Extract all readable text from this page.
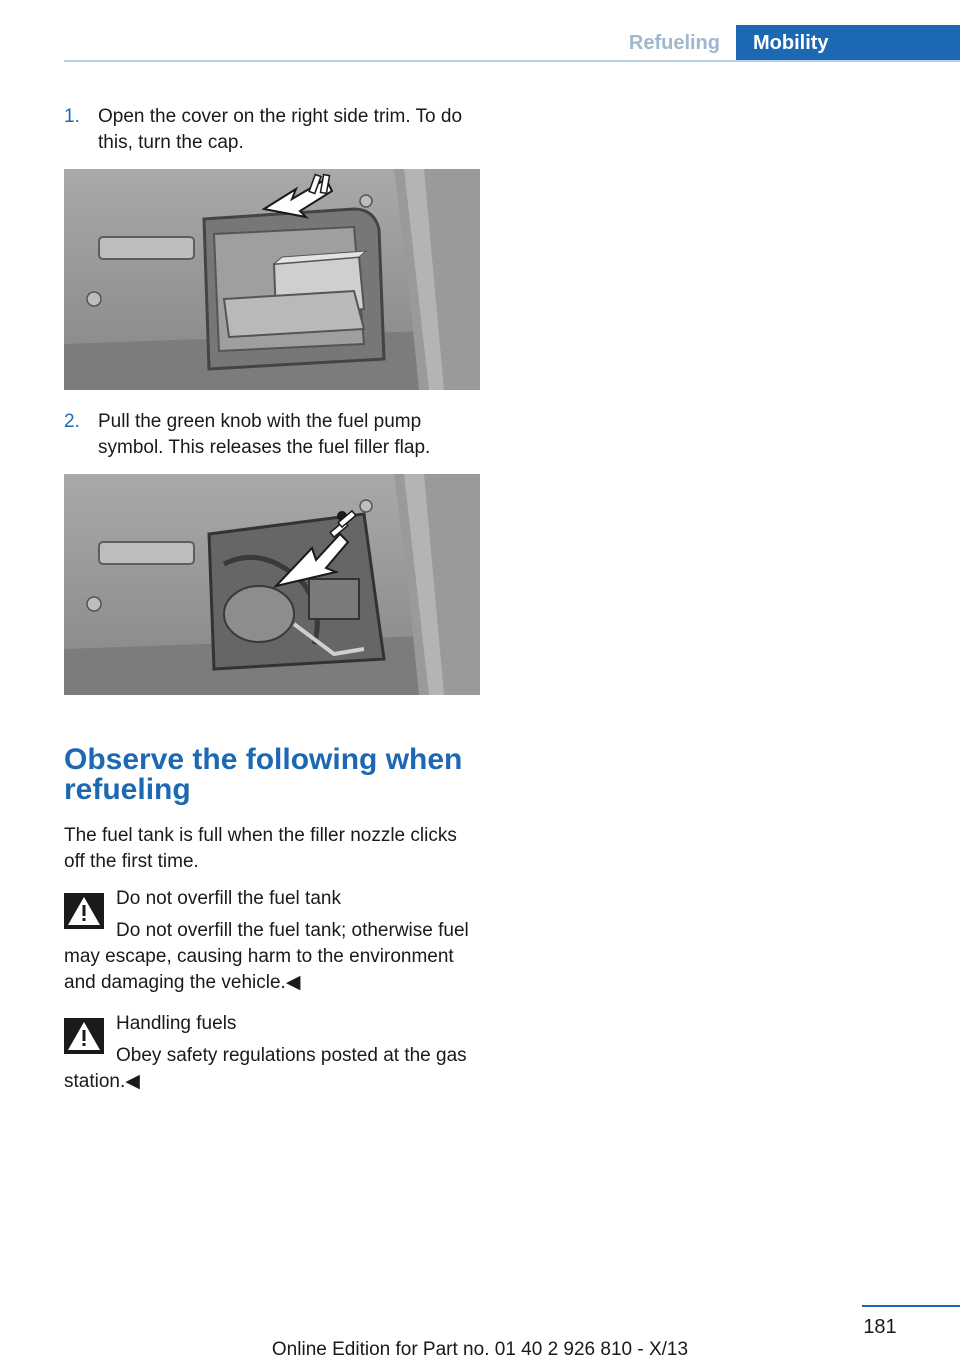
Refueling	Mobility
1. Open the cover on the right side trim. To do this, turn the cap.
2. Pull the green knob with the fuel pump symbol. This releases the fuel filler flap.
Observe the following when refueling
The fuel tank is full when the filler nozzle clicks off the first time.
Do not overfill the fuel tank
Do not overfill the fuel tank; otherwise fuel may escape, causing harm to the environment and damaging the vehicle.◀
Handling fuels
Obey safety regulations posted at the gas station.◀
181
Online Edition for Part no. 01 40 2 926 810 - X/13
